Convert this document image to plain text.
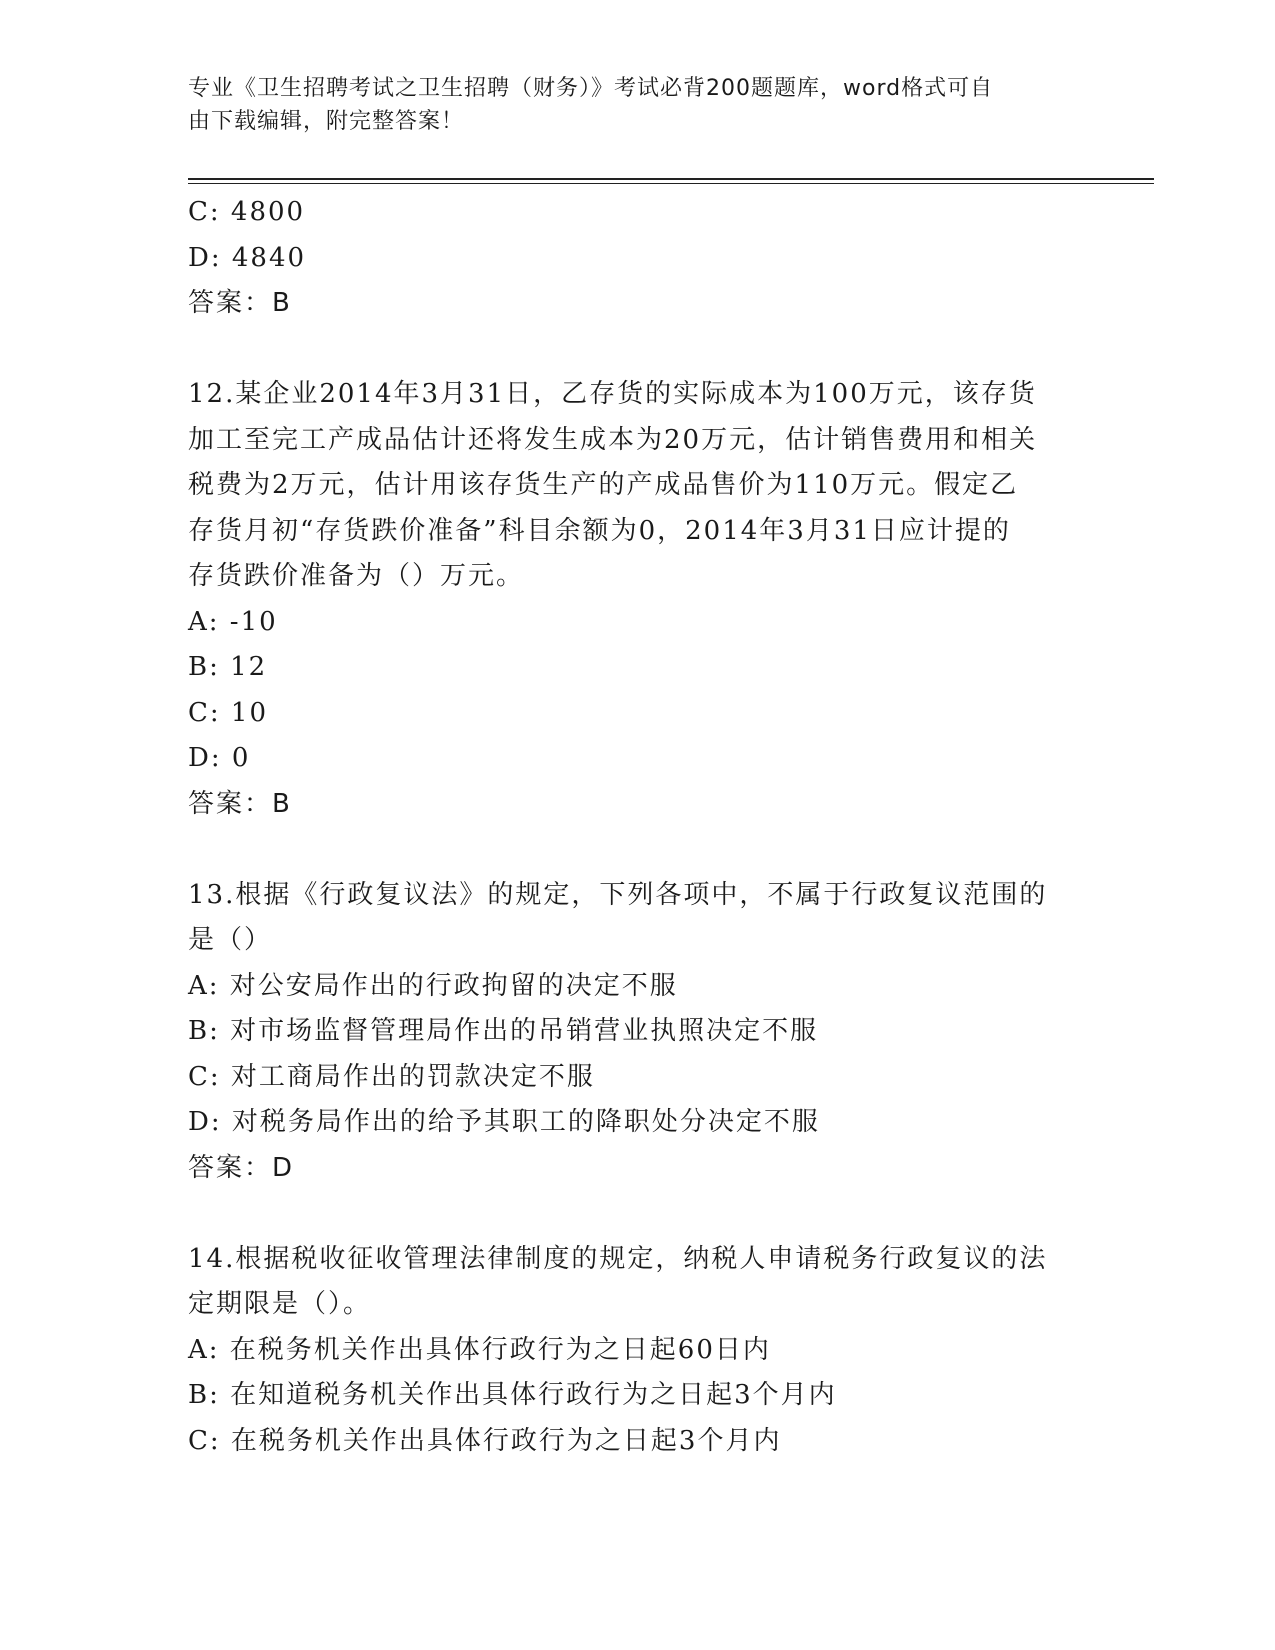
专业《卫生招聘考试之卫生招聘（财务）》考试必背200题题库，word格式可自
由下载编辑，附完整答案！
C: 4800
D: 4840
答案：B
12.某企业2014年3月31日，乙存货的实际成本为100万元，该存货
加工至完工产成品估计还将发生成本为20万元，估计销售费用和相关
税费为2万元，估计用该存货生产的产成品售价为110万元。假定乙
存货月初“存货跌价准备”科目余额为0，2014年3月31日应计提的
存货跌价准备为（）万元。
A: -10
B: 12
C: 10
D: 0
答案：B
13.根据《行政复议法》的规定，下列各项中，不属于行政复议范围的
是（）
A: 对公安局作出的行政拘留的决定不服
B: 对市场监督管理局作出的吊销营业执照决定不服
C: 对工商局作出的罚款决定不服
D: 对税务局作出的给予其职工的降职处分决定不服
答案：D
14.根据税收征收管理法律制度的规定，纳税人申请税务行政复议的法
定期限是（）。
A: 在税务机关作出具体行政行为之日起60日内
B: 在知道税务机关作出具体行政行为之日起3个月内
C: 在税务机关作出具体行政行为之日起3个月内
